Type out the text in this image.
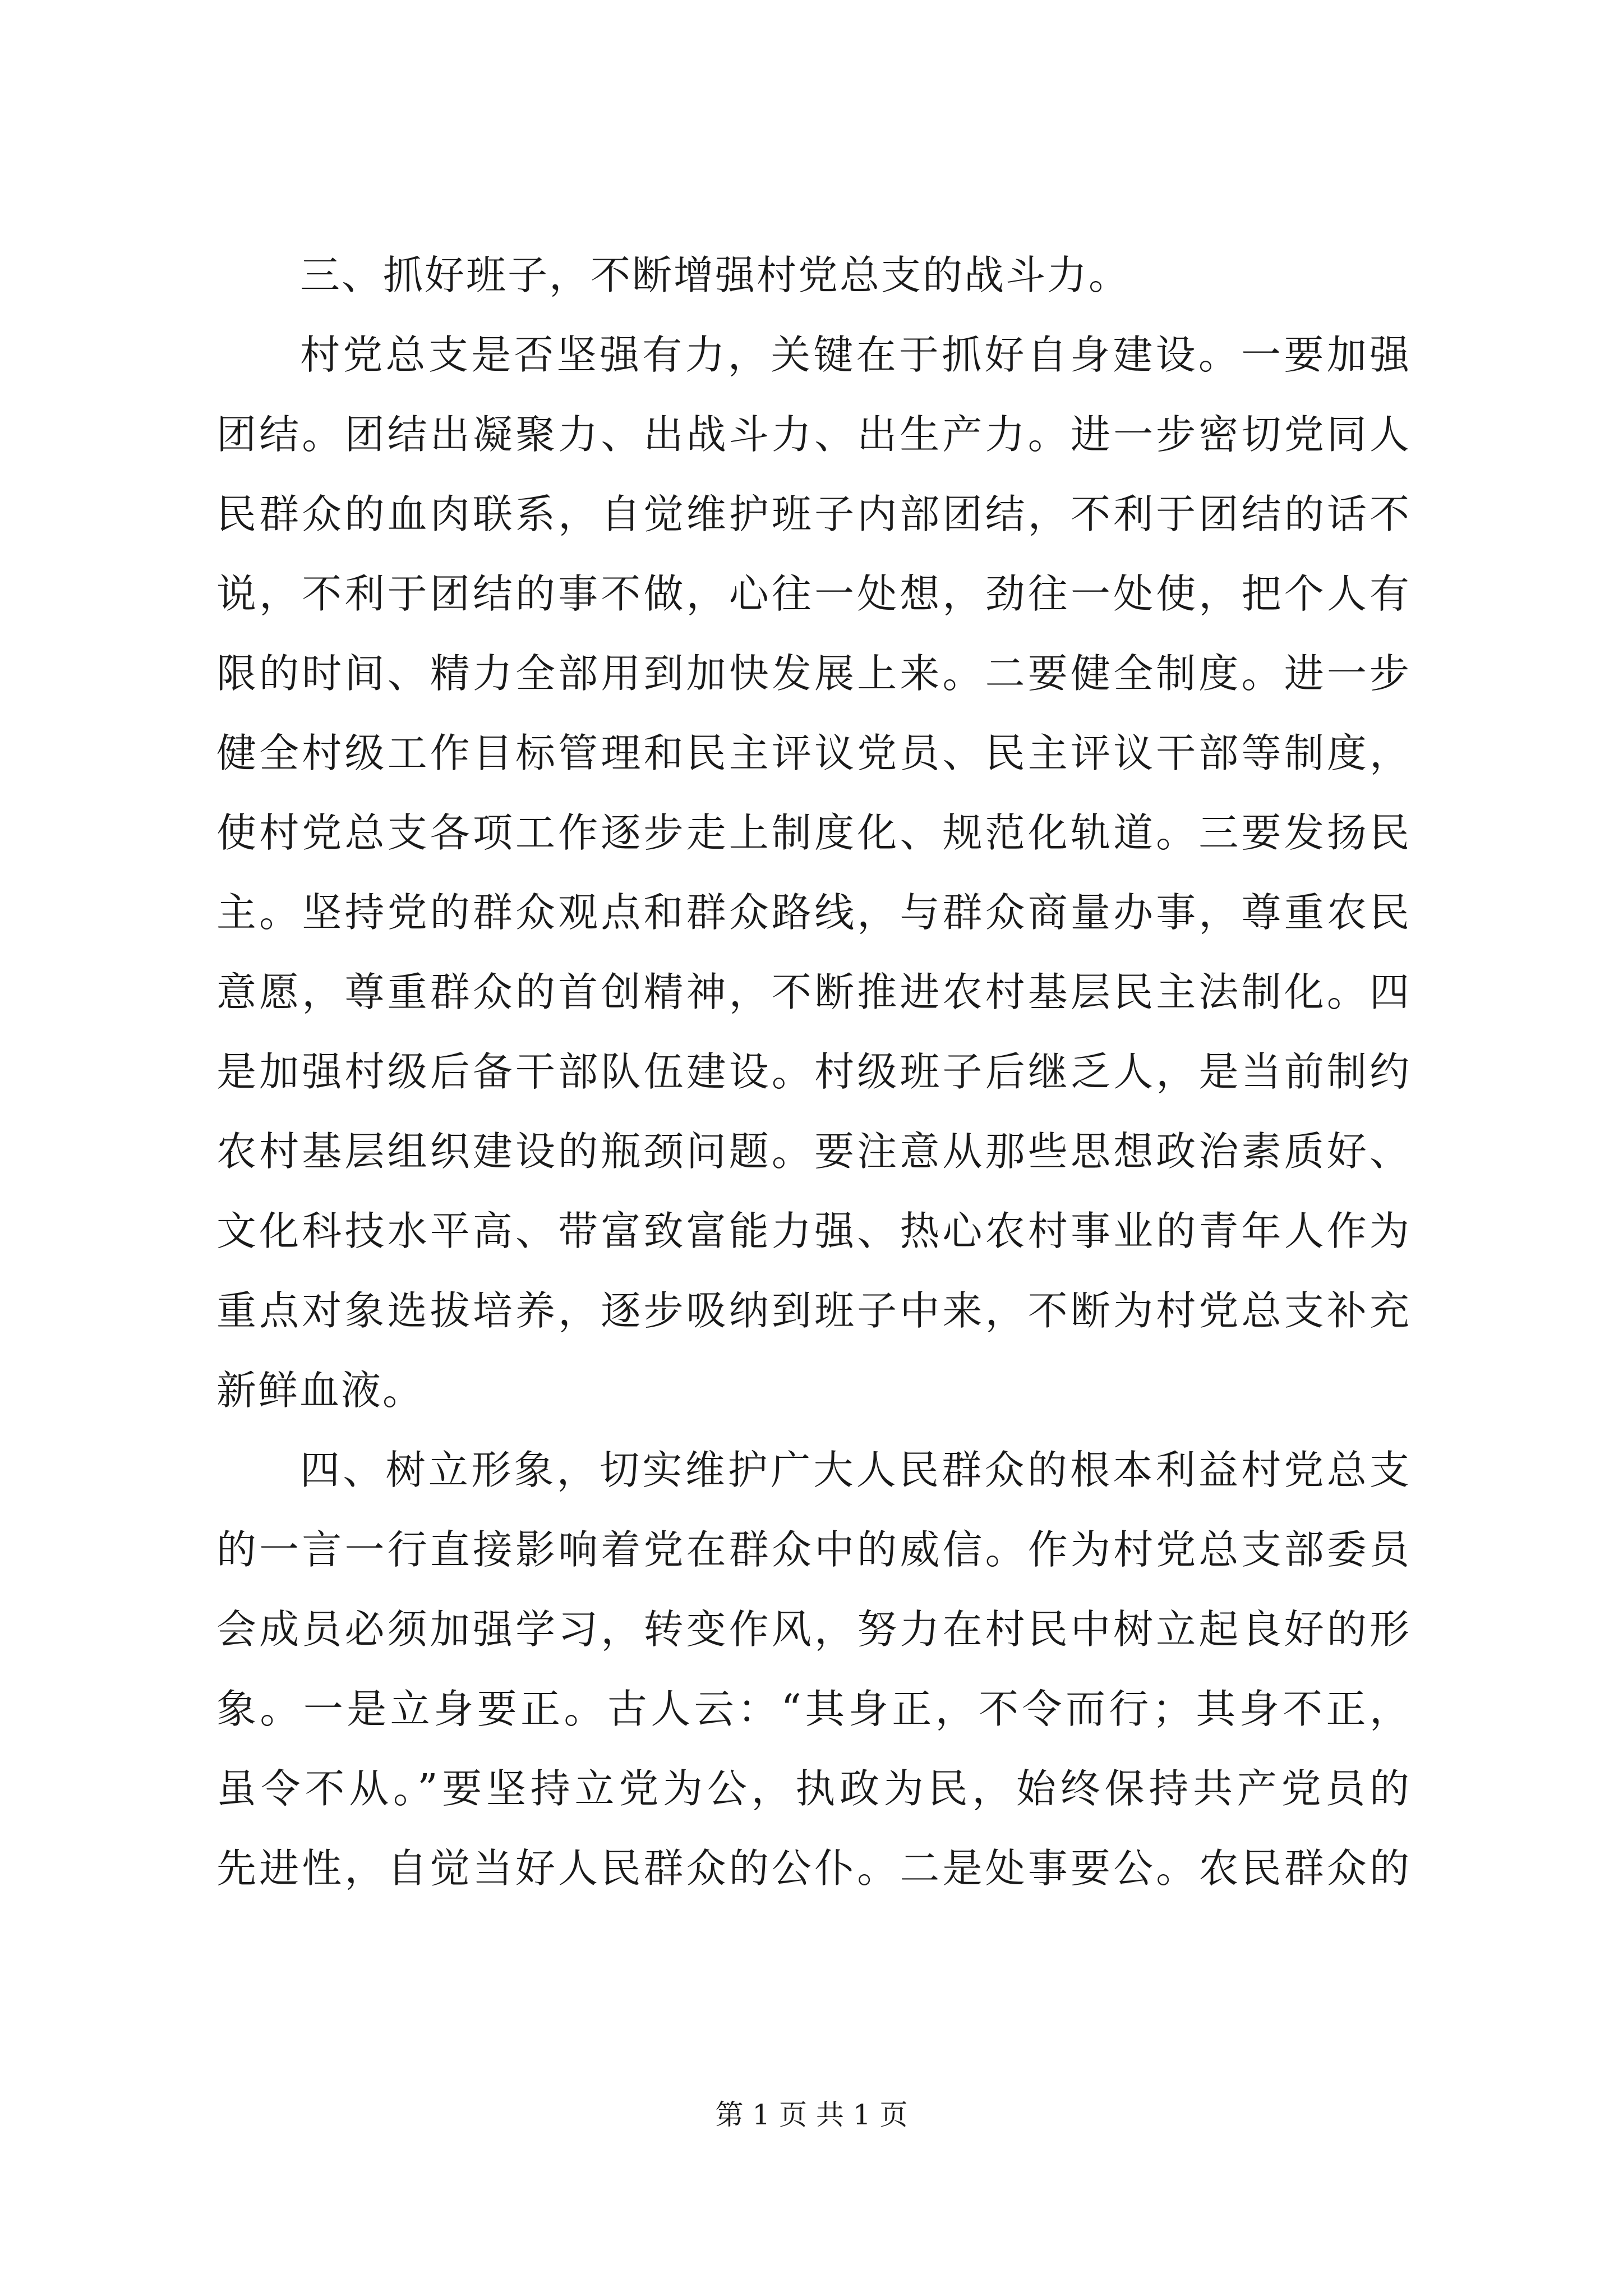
三、抓好班子，不断增强村党总支的战斗力。
村党总支是否坚强有力，关键在于抓好自身建设。一要加强
团结。团结出凝聚力、出战斗力、出生产力。进一步密切党同人
民群众的血肉联系，自觉维护班子内部团结，不利于团结的话不
说，不利于团结的事不做，心往一处想，劲往一处使，把个人有
限的时间、精力全部用到加快发展上来。二要健全制度。进一步
健全村级工作目标管理和民主评议党员、民主评议干部等制度，
使村党总支各项工作逐步走上制度化、规范化轨道。三要发扬民
主。坚持党的群众观点和群众路线，与群众商量办事，尊重农民
意愿，尊重群众的首创精神，不断推进农村基层民主法制化。四
是加强村级后备干部队伍建设。村级班子后继乏人，是当前制约
农村基层组织建设的瓶颈问题。要注意从那些思想政治素质好、
文化科技水平高、带富致富能力强、热心农村事业的青年人作为
重点对象选拔培养，逐步吸纳到班子中来，不断为村党总支补充
新鲜血液。
四、树立形象，切实维护广大人民群众的根本利益村党总支
的一言一行直接影响着党在群众中的威信。作为村党总支部委员
会成员必须加强学习，转变作风，努力在村民中树立起良好的形
象。一是立身要正。古人云：“其身正，不令而行；其身不正，
虽令不从。”要坚持立党为公，执政为民，始终保持共产党员的
先进性，自觉当好人民群众的公仆。二是处事要公。农民群众的
第 1 页 共 1 页
